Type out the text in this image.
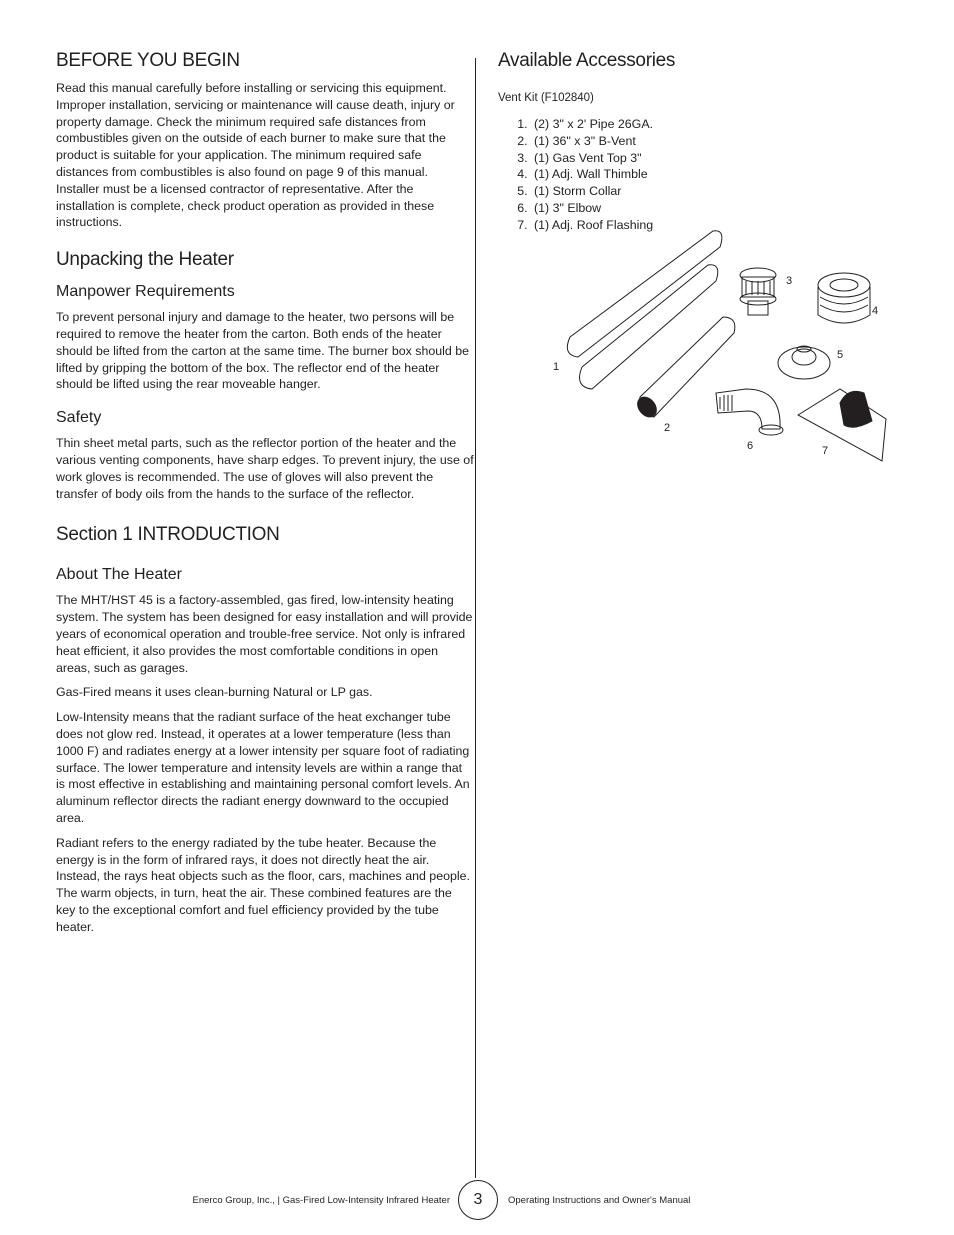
BEFORE YOU BEGIN

Read this manual carefully before installing or servicing this equipment. Improper installation, servicing or maintenance will cause death, injury or property damage. Check the minimum required safe distances from combustibles given on the outside of each burner to make sure that the product is suitable for your application. The minimum required safe distances from combustibles is also found on page 9 of this manual. Installer must be a licensed contractor of representative. After the installation is complete, check product operation as provided in these instructions.

Unpacking the Heater
Manpower Requirements

To prevent personal injury and damage to the heater, two persons will be required to remove the heater from the carton. Both ends of the heater should be lifted from the carton at the same time. The burner box should be lifted by gripping the bottom of the box. The reflector end of the heater should be lifted using the rear moveable hanger.

Safety

Thin sheet metal parts, such as the reflector portion of the heater and the various venting components, have sharp edges. To prevent injury, the use of work gloves is recommended. The use of gloves will also prevent the transfer of body oils from the hands to the surface of the reflector.

Section 1 INTRODUCTION
About The Heater

The MHT/HST 45 is a factory-assembled, gas fired, low-intensity heating system. The system has been designed for easy installation and will provide years of economical operation and trouble-free service. Not only is infrared heat efficient, it also provides the most comfortable conditions in open areas, such as garages.

Gas-Fired means it uses clean-burning Natural or LP gas.

Low-Intensity means that the radiant surface of the heat exchanger tube does not glow red. Instead, it operates at a lower temperature (less than 1000 F) and radiates energy at a lower intensity per square foot of radiating surface. The lower temperature and intensity levels are within a range that is most effective in establishing and maintaining personal comfort levels. An aluminum reflector directs the radiant energy downward to the occupied area.

Radiant refers to the energy radiated by the tube heater. Because the energy is in the form of infrared rays, it does not directly heat the air. Instead, the rays heat objects such as the floor, cars, machines and people. The warm objects, in turn, heat the air. These combined features are the key to the exceptional comfort and fuel efficiency provided by the tube heater.

Available Accessories
Vent Kit (F102840)
1. (2) 3" x 2' Pipe 26GA.
2. (1) 36" x 3" B-Vent
3. (1) Gas Vent Top 3"
4. (1) Adj. Wall Thimble
5. (1) Storm Collar
6. (1) 3" Elbow
7. (1) Adj. Roof Flashing
1
2
3
4
5
6	7
Enerco Group, Inc., | Gas-Fired Low-Intensity Infrared Heater	3	Operating Instructions and Owner's Manual
